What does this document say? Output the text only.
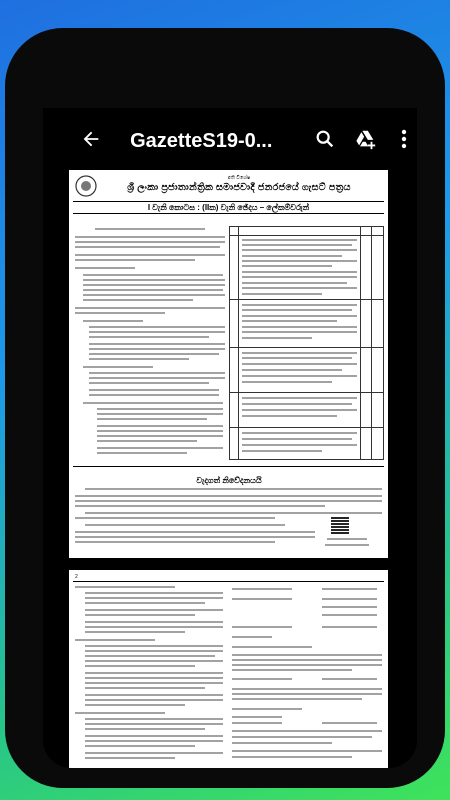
GazetteS19-0...
අති විශේෂ
ශ්‍රී ලංකා ප්‍රජාතාන්ත්‍රික සමාජවාදී ජනරජයේ ගැසට් පත්‍රය
I වැනි කොටස : (IIක) වැනි ඡේදය – ලේකම්වරුන්
වැදගත් නිවේදනයයි
2
